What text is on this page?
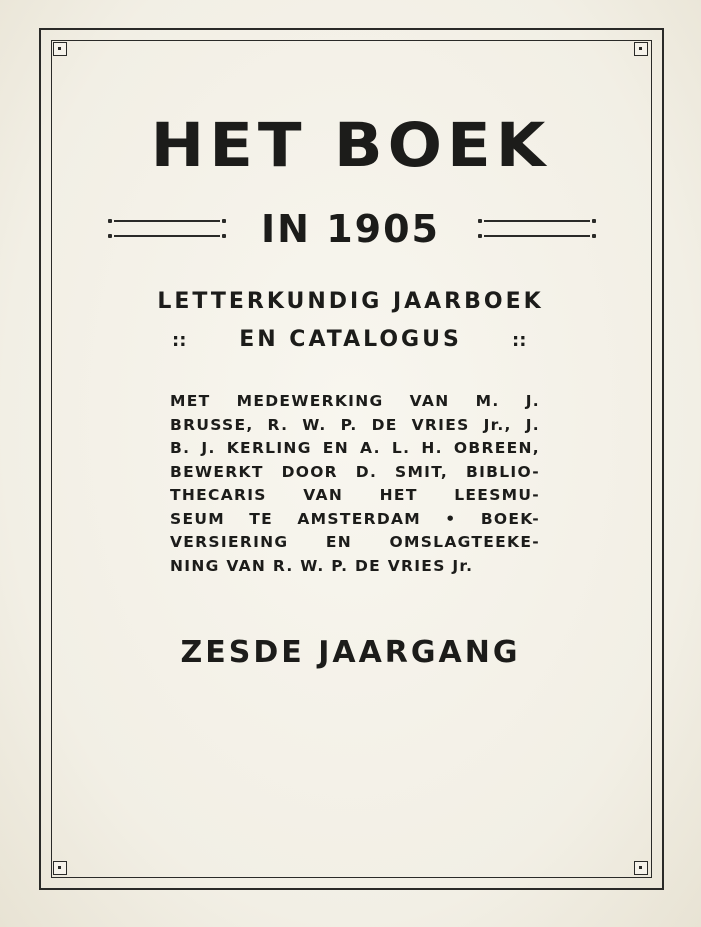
HET BOEK
IN 1905
LETTERKUNDIG JAARBOEK
::	EN CATALOGUS	::
MET MEDEWERKING VAN M. J.
BRUSSE, R. W. P. DE VRIES Jr., J.
B. J. KERLING EN A. L. H. OBREEN,
BEWERKT DOOR D. SMIT, BIBLIO-
THECARIS VAN HET LEESMU-
SEUM TE AMSTERDAM • BOEK-
VERSIERING EN OMSLAGTEEKE-
NING VAN R. W. P. DE VRIES Jr.
ZESDE JAARGANG
